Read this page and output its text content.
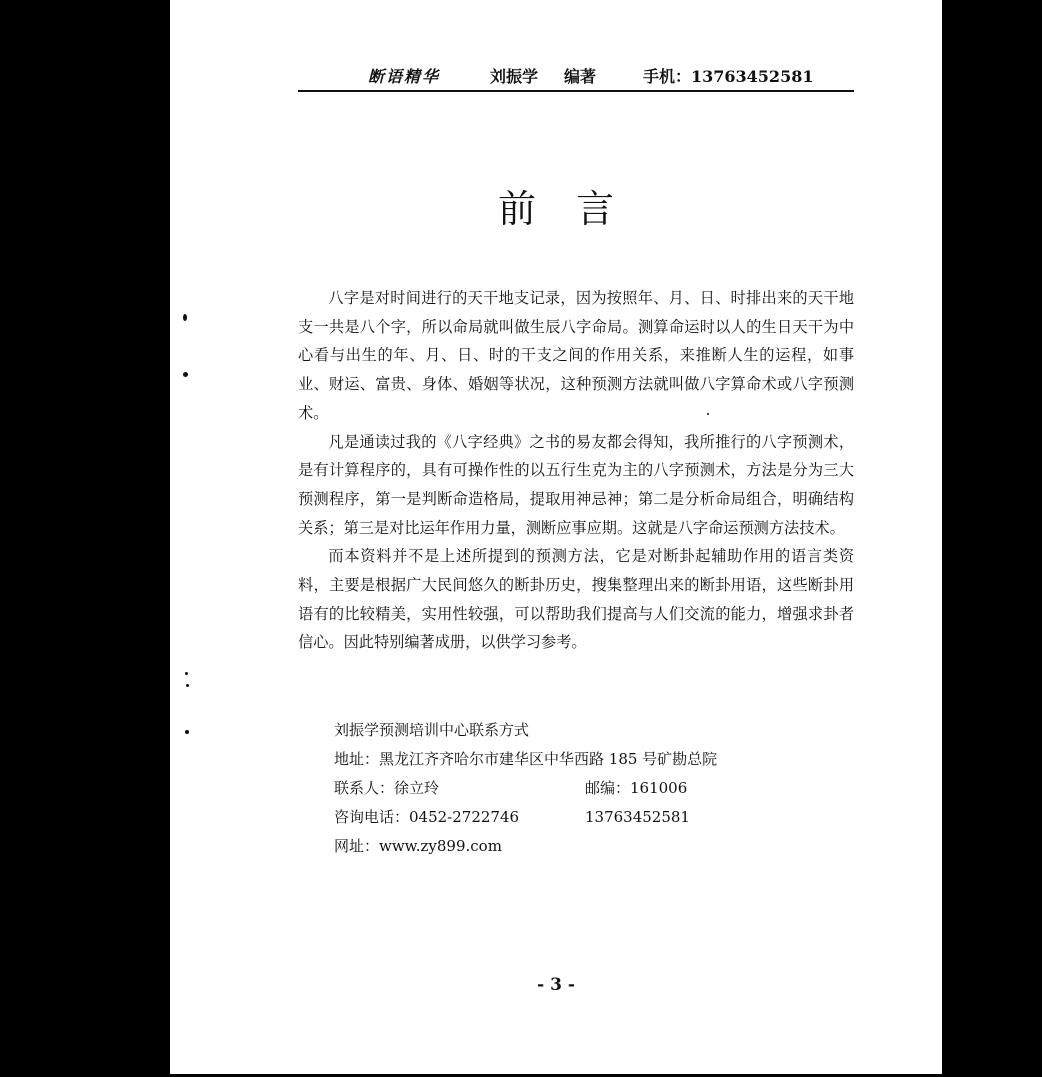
断语精华	刘振学 编著	手机：13763452581
前言

八字是对时间进行的天干地支记录，因为按照年、月、日、时排出来的天干地支一共是八个字，所以命局就叫做生辰八字命局。测算命运时以人的生日天干为中心看与出生的年、月、日、时的干支之间的作用关系，来推断人生的运程，如事业、财运、富贵、身体、婚姻等状况，这种预测方法就叫做八字算命术或八字预测术。

凡是通读过我的《八字经典》之书的易友都会得知，我所推行的八字预测术，是有计算程序的，具有可操作性的以五行生克为主的八字预测术，方法是分为三大预测程序，第一是判断命造格局，提取用神忌神；第二是分析命局组合，明确结构关系；第三是对比运年作用力量，测断应事应期。这就是八字命运预测方法技术。

而本资料并不是上述所提到的预测方法，它是对断卦起辅助作用的语言类资料，主要是根据广大民间悠久的断卦历史，搜集整理出来的断卦用语，这些断卦用语有的比较精美，实用性较强，可以帮助我们提高与人们交流的能力，增强求卦者信心。因此特别编著成册，以供学习参考。

刘振学预测培训中心联系方式
地址：黑龙江齐齐哈尔市建华区中华西路 185 号矿勘总院
联系人：徐立玲	邮编：161006
咨询电话：0452-2722746	13763452581
网址：www.zy899.com
- 3 -
